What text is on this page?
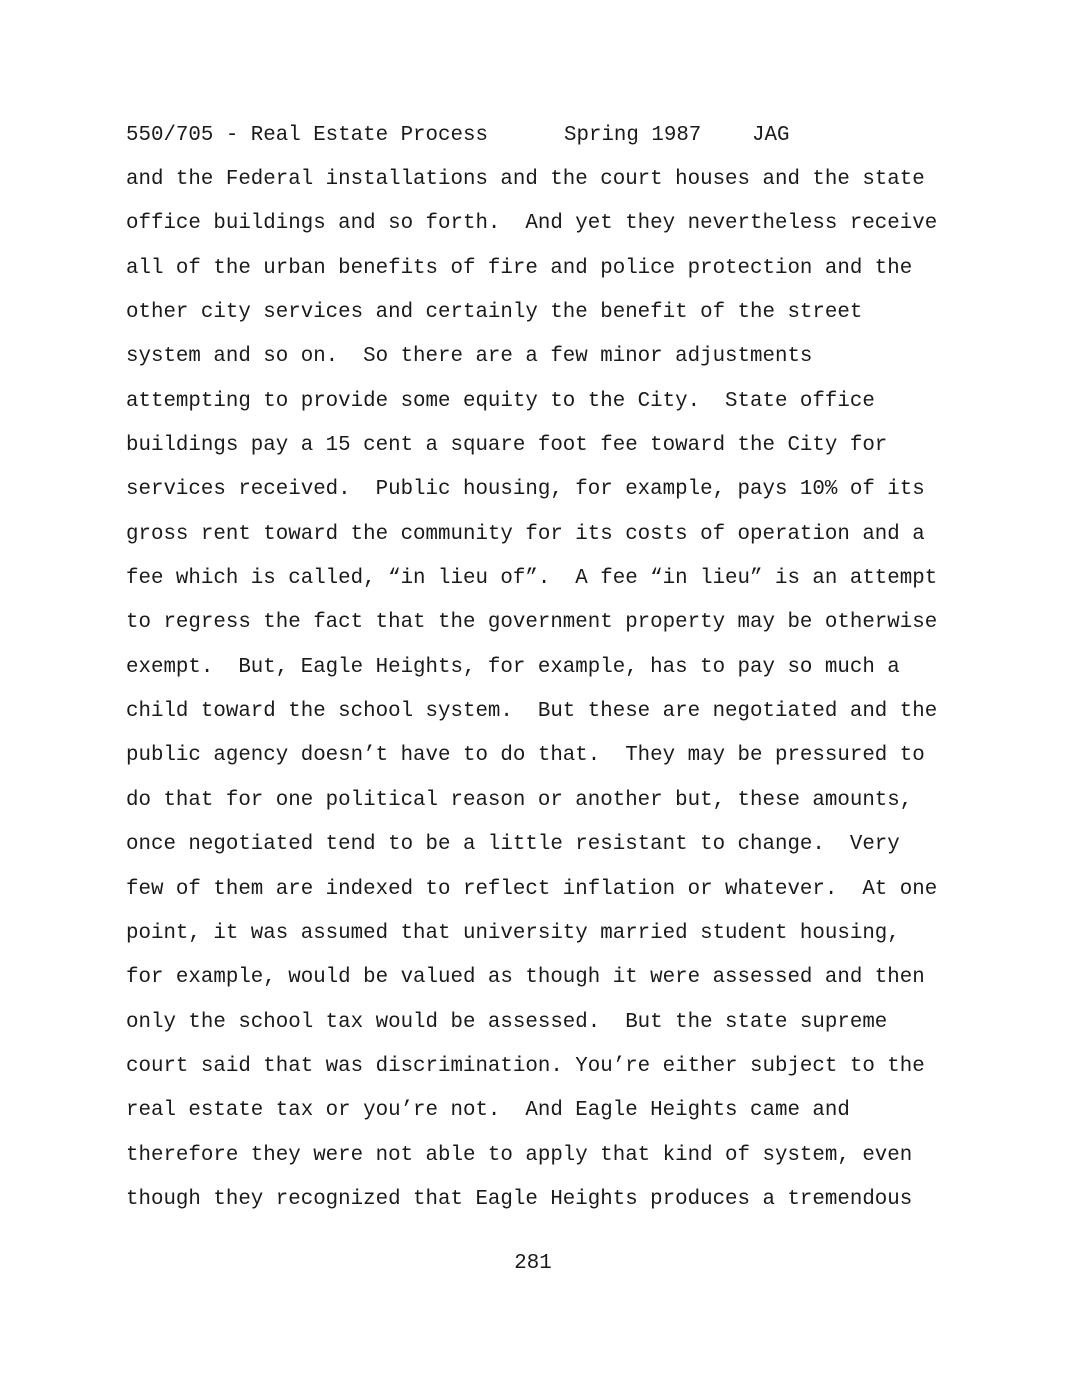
550/705 - Real Estate Process	Spring 1987 JAG
and the Federal installations and the court houses and the state
office buildings and so forth.  And yet they nevertheless receive
all of the urban benefits of fire and police protection and the
other city services and certainly the benefit of the street
system and so on.  So there are a few minor adjustments
attempting to provide some equity to the City.  State office
buildings pay a 15 cent a square foot fee toward the City for
services received.  Public housing, for example, pays 10% of its
gross rent toward the community for its costs of operation and a
fee which is called, “in lieu of”.  A fee “in lieu” is an attempt
to regress the fact that the government property may be otherwise
exempt.  But, Eagle Heights, for example, has to pay so much a
child toward the school system.  But these are negotiated and the
public agency doesn’t have to do that.  They may be pressured to
do that for one political reason or another but, these amounts,
once negotiated tend to be a little resistant to change.  Very
few of them are indexed to reflect inflation or whatever.  At one
point, it was assumed that university married student housing,
for example, would be valued as though it were assessed and then
only the school tax would be assessed.  But the state supreme
court said that was discrimination. You’re either subject to the
real estate tax or you’re not.  And Eagle Heights came and
therefore they were not able to apply that kind of system, even
though they recognized that Eagle Heights produces a tremendous
281
